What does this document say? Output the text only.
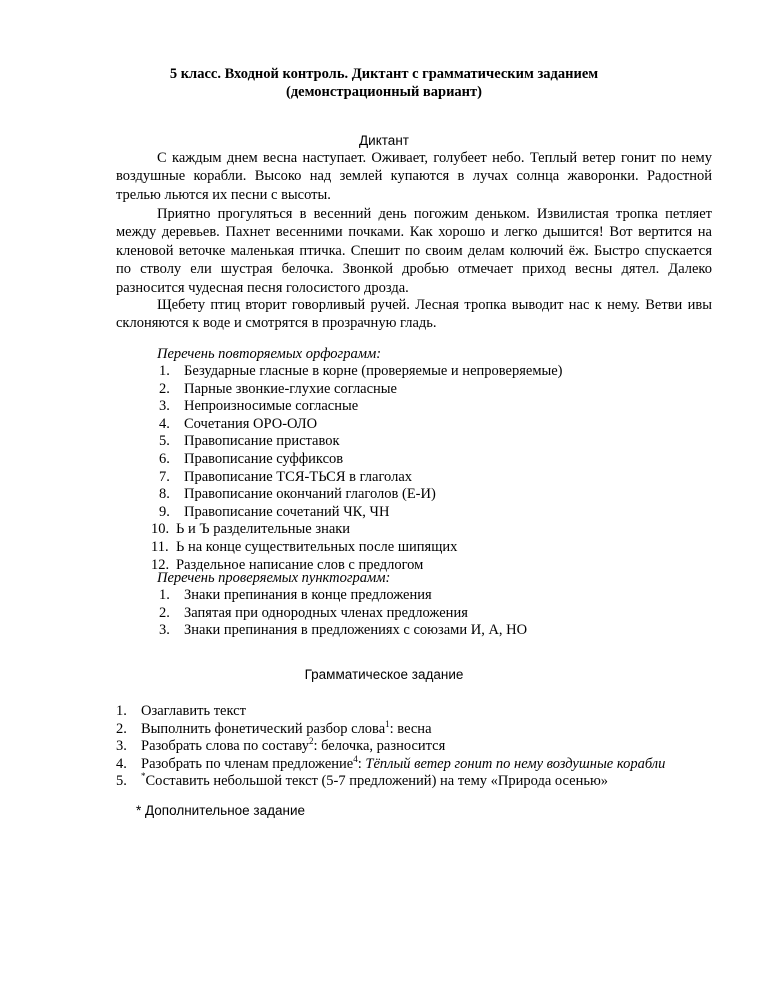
5 класс. Входной контроль. Диктант с грамматическим заданием
(демонстрационный вариант)
Диктант

С каждым днем весна наступает. Оживает, голубеет небо. Теплый ветер гонит по нему воздушные корабли. Высоко над землей купаются в лучах солнца жаворонки. Радостной трелью льются их песни с высоты.

Приятно прогуляться в весенний день погожим деньком. Извилистая тропка петляет между деревьев. Пахнет весенними почками. Как хорошо и легко дышится! Вот вертится на кленовой веточке маленькая птичка. Спешит по своим делам колючий ёж. Быстро спускается по стволу ели шустрая белочка. Звонкой дробью отмечает приход весны дятел. Далеко разносится чудесная песня голосистого дрозда.

Щебету птиц вторит говорливый ручей. Лесная тропка выводит нас к нему. Ветви ивы склоняются к воде и смотрятся в прозрачную гладь.

Перечень повторяемых орфограмм:
1. Безударные гласные в корне (проверяемые и непроверяемые)
2. Парные звонкие-глухие согласные
3. Непроизносимые согласные
4. Сочетания ОРО-ОЛО
5. Правописание приставок
6. Правописание суффиксов
7. Правописание ТСЯ-ТЬСЯ в глаголах
8. Правописание окончаний глаголов (Е-И)
9. Правописание сочетаний ЧК, ЧН
10. Ь и Ъ разделительные знаки
11. Ь на конце существительных после шипящих
12. Раздельное написание слов с предлогом
Перечень проверяемых пунктограмм:
1. Знаки препинания в конце предложения
2. Запятая при однородных членах предложения
3. Знаки препинания в предложениях с союзами И, А, НО
Грамматическое задание
1. Озаглавить текст
2. Выполнить фонетический разбор слова$^1$: весна
3. Разобрать слова по составу$^2$: белочка, разносится
4. Разобрать по членам предложение$^4$: Тёплый ветер гонит по нему воздушные корабли
5. *Составить небольшой текст (5-7 предложений) на тему «Природа осенью»
* Дополнительное задание
